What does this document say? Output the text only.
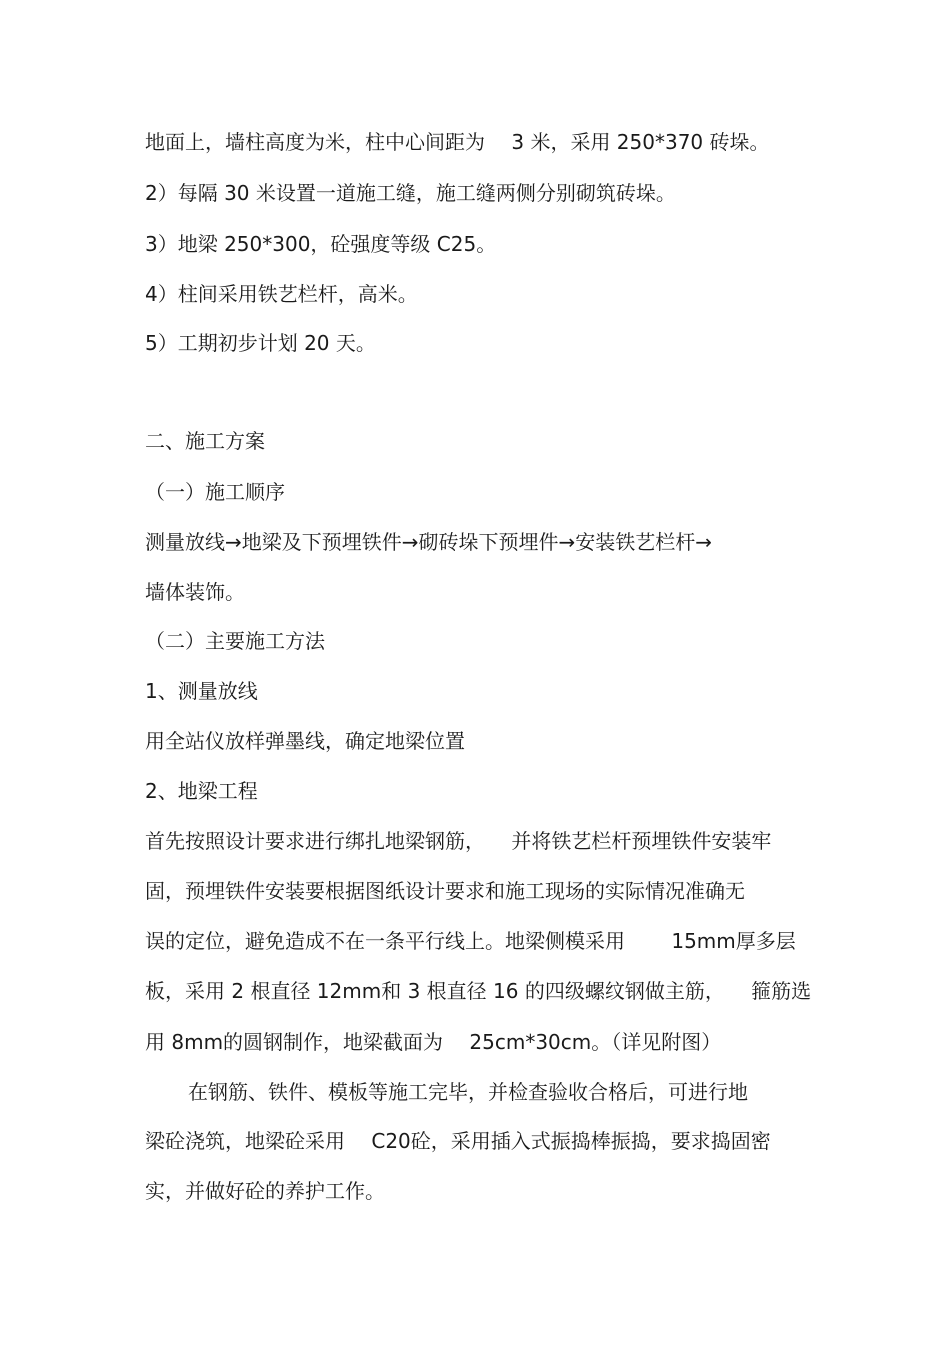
地面上，墙柱高度为米，柱中心间距为 　3 米，采用 250*370 砖垛。
2）每隔 30 米设置一道施工缝，施工缝两侧分别砌筑砖垛。
3）地梁 250*300，砼强度等级 C25。
4）柱间采用铁艺栏杆，高米。
5）工期初步计划 20 天。
二、施工方案
（一）施工顺序
测量放线→地梁及下预埋铁件→砌砖垛下预埋件→安装铁艺栏杆→
墙体装饰。
（二）主要施工方法
1、测量放线
用全站仪放样弹墨线，确定地梁位置
2、地梁工程
首先按照设计要求进行绑扎地梁钢筋， 　并将铁艺栏杆预埋铁件安装牢
固，预埋铁件安装要根据图纸设计要求和施工现场的实际情况准确无
误的定位，避免造成不在一条平行线上。地梁侧模采用 　　15mm厚多层
板，采用 2 根直径 12mm和 3 根直径 16 的四级螺纹钢做主筋， 　箍筋选
用 8mm的圆钢制作，地梁截面为 　25cm*30cm。（详见附图）
在钢筋、铁件、模板等施工完毕，并检查验收合格后，可进行地
梁砼浇筑，地梁砼采用 　C20砼，采用插入式振捣棒振捣，要求捣固密
实，并做好砼的养护工作。
